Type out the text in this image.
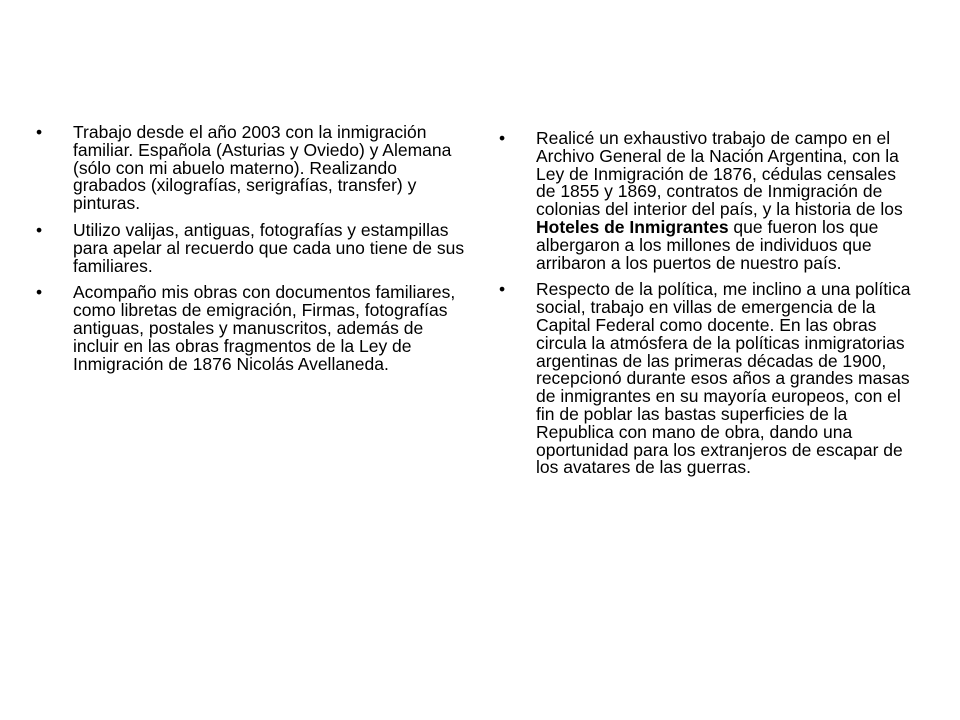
• Trabajo desde el año 2003 con la inmigración familiar. Española (Asturias y Oviedo) y Alemana (sólo con mi abuelo materno). Realizando grabados (xilografías, serigrafías, transfer) y pinturas.
• Utilizo valijas, antiguas, fotografías y estampillas para apelar al recuerdo que cada uno tiene de sus familiares.
• Acompaño mis obras con documentos familiares, como libretas de emigración, Firmas, fotografías antiguas, postales y manuscritos, además de incluir en las obras fragmentos de la Ley de Inmigración de 1876 Nicolás Avellaneda.
• Realicé un exhaustivo trabajo de campo en el Archivo General de la Nación Argentina, con la Ley de Inmigración de 1876, cédulas censales de 1855 y 1869, contratos de Inmigración de colonias del interior del país, y la historia de los Hoteles de Inmigrantes que fueron los que albergaron a los millones de individuos que arribaron a los puertos de nuestro país.
• Respecto de la política, me inclino a una política social, trabajo en villas de emergencia de la Capital Federal como docente. En las obras circula la atmósfera de la políticas inmigratorias argentinas de las primeras décadas de 1900, recepcionó durante esos años a grandes masas de inmigrantes en su mayoría europeos, con el fin de poblar las bastas superficies de la Republica con mano de obra, dando una oportunidad para los extranjeros de escapar de los avatares de las guerras.
